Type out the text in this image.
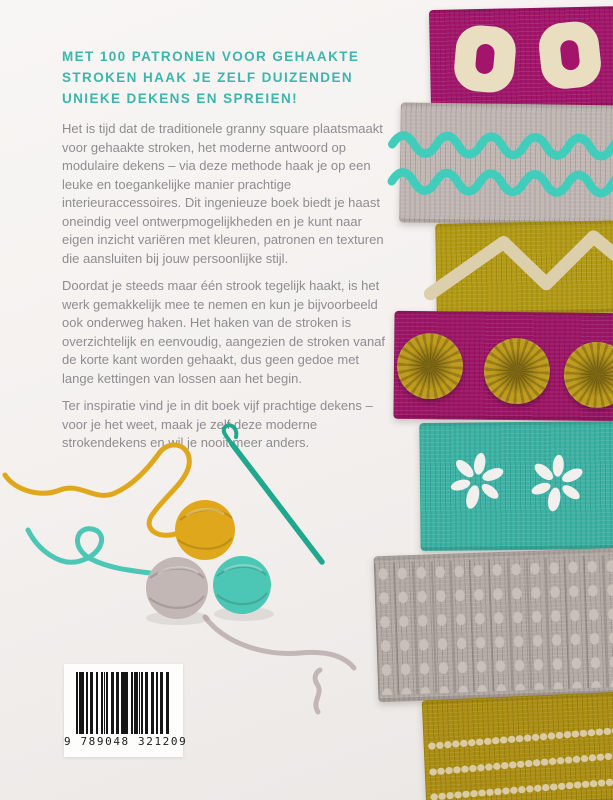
MET 100 PATRONEN VOOR GEHAAKTE
STROKEN HAAK JE ZELF DUIZENDEN
UNIEKE DEKENS EN SPREIEN!

Het is tijd dat de traditionele granny square plaatsmaakt voor gehaakte stroken, het moderne antwoord op modulaire dekens – via deze methode haak je op een leuke en toegankelijke manier prachtige interieuraccessoires. Dit ingenieuze boek biedt je haast oneindig veel ontwerpmogelijkheden en je kunt naar eigen inzicht variëren met kleuren, patronen en texturen die aansluiten bij jouw persoonlijke stijl.

Doordat je steeds maar één strook tegelijk haakt, is het werk gemakkelijk mee te nemen en kun je bijvoorbeeld ook onderweg haken. Het haken van de stroken is overzichtelijk en eenvoudig, aangezien de stroken vanaf de korte kant worden gehaakt, dus geen gedoe met lange kettingen van lossen aan het begin.

Ter inspiratie vind je in dit boek vijf prachtige dekens – voor je het weet, maak je zelf deze moderne strokendekens en wil je nooit meer anders.

9 789048 321209
